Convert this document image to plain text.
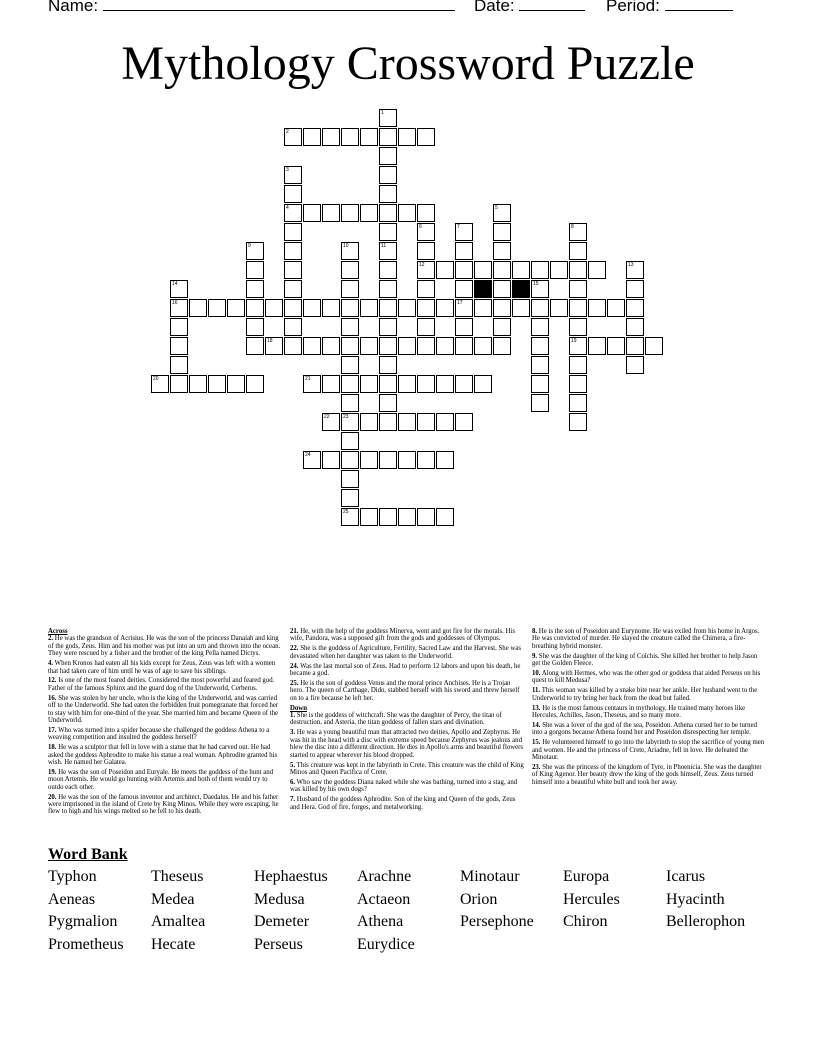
Name:	Date:	Period:
Mythology Crossword Puzzle
1
2
3
4	5
6	7	8
9	10	11
12	13
14	15
16	17
18	19
20	21
22	23
24
25

Across

2. He was the grandson of Acrisius. He was the son of the princess Danaiah and king of the gods, Zeus. Him and his mother was put into an urn and thrown into the ocean. They were rescued by a fisher and the brother of the king Pella named Dictys.

4. When Kronos had eaten all his kids except for Zeus, Zeus was left with a women that had taken care of him until he was of age to save his siblings.

12. Is one of the most feared deities. Considered the most powerful and feared god. Father of the famous Sphinx and the guard dog of the Underworld, Cerberus.

16. She was stolen by her uncle, who is the king of the Underworld, and was carried off to the Underworld. She had eaten the forbidden fruit pomegranate that forced her to stay with him for one-third of the year. She married him and became Queen of the Underworld.

17. Who was turned into a spider because she challenged the goddess Athena to a weaving competition and insulted the goddess herself?

18. He was a sculptor that fell in love with a statue that he had carved out. He had asked the goddess Aphrodite to make his statue a real woman. Aphrodite granted his wish. He named her Galatea.

19. He was the son of Poseidon and Euryale. He meets the goddess of the hunt and moon Artemis. He would go hunting with Artemis and both of them would try to outdo each other.

20. He was the son of the famous inventor and architect, Daedalus. He and his father were imprisoned in the island of Crete by King Minos. While they were escaping, he flew to high and his wings melted so he fell to his death.

21. He, with the help of the goddess Minerva, went and got fire for the morals. His wife, Pandora, was a supposed gift from the gods and goddesses of Olympus.

22. She is the goddess of Agriculture, Fertility, Sacred Law and the Harvest. She was devastated when her daughter was taken to the Underworld.

24. Was the last mortal son of Zeus. Had to perform 12 labors and upon his death, he became a god.

25. He is the son of goddess Venus and the moral prince Anchises. He is a Trojan hero. The queen of Carthage, Dido, stabbed herself with his sword and threw herself on to a fire because he left her.

Down

1. She is the goddess of witchcraft. She was the daughter of Percy, the titan of destruction, and Asteria, the titan goddess of fallen stars and divination.

3. He was a young beautiful man that attracted two deities, Apollo and Zephyrus. He was hit in the head with a disc with extreme speed because Zephyrus was jealous and blew the disc into a different direction. He dies in Apollo's arms and beautiful flowers started to appear wherever his blood dropped.

5. This creature was kept in the labyrinth in Crete. This creature was the child of King Minos and Queen Pacifica of Crete.

6. Who saw the goddess Diana naked while she was bathing, turned into a stag, and was killed by his own dogs?

7. Husband of the goddess Aphrodite. Son of the king and Queen of the gods, Zeus and Hera. God of fire, forges, and metalworking.

8. He is the son of Poseidon and Eurynome. He was exiled from his home in Argos. He was convicted of murder. He slayed the creature called the Chimera, a fire-breathing hybrid monster.

9. She was the daughter of the king of Colchis. She killed her brother to help Jason get the Golden Fleece.

10. Along with Hermes, who was the other god or goddess that aided Perseus on his quest to kill Medusa?

11. This woman was killed by a snake bite near her ankle. Her husband went to the Underworld to try bring her back from the dead but failed.

13. He is the most famous centaurs in mythology. He trained many heroes like Hercules, Achilles, Jason, Theseus, and so many more.

14. She was a lover of the god of the sea, Poseidon. Athena cursed her to be turned into a gorgons because Athena found her and Poseidon disrespecting her temple.

15. He volunteered himself to go into the labyrinth to stop the sacrifice of young men and women. He and the princess of Crete, Ariadne, fell in love. He defeated the Minotaur.

23. She was the princess of the kingdom of Tyre, in Phoenicia. She was the daughter of King Agenor. Her beauty drew the king of the gods himself, Zeus. Zeus turned himself into a beautiful white bull and took her away.

Word Bank
Typhon	Theseus	Hephaestus Arachne	Minotaur	Europa	Icarus
Aeneas	Medea	Medusa	Actaeon	Orion	Hercules	Hyacinth
Pygmalion Amaltea	Demeter	Athena	Persephone Chiron	Bellerophon
Prometheus Hecate	Perseus	Eurydice
